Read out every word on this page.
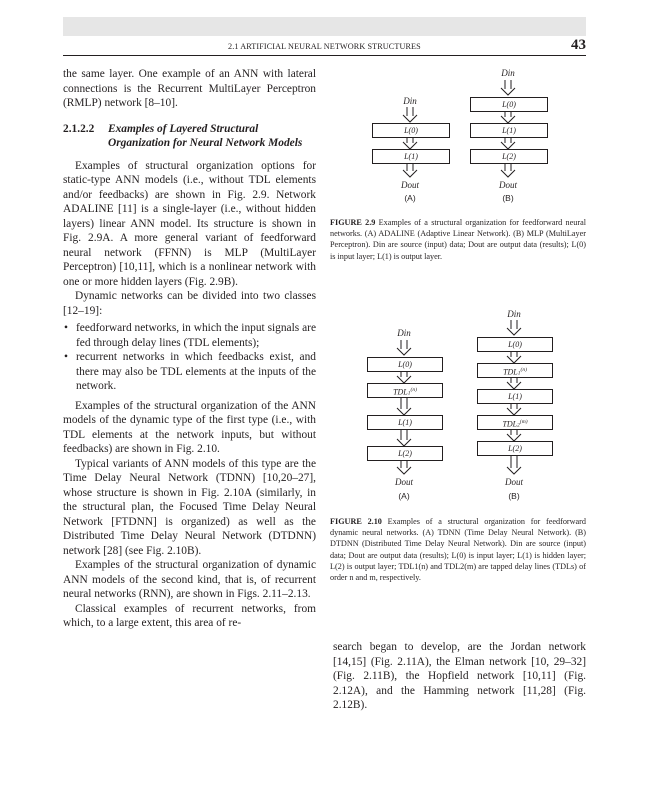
2.1 ARTIFICIAL NEURAL NETWORK STRUCTURES	43

the same layer. One example of an ANN with lateral connections is the Recurrent MultiLayer Perceptron (RMLP) network [8–10].

2.1.2.2 Examples of Layered Structural Organization for Neural Network Models

Examples of structural organization options for static-type ANN models (i.e., without TDL elements and/or feedbacks) are shown in Fig. 2.9. Network ADALINE [11] is a single-layer (i.e., without hidden layers) linear ANN model. Its structure is shown in Fig. 2.9A. A more general variant of feedforward neural network (FFNN) is MLP (MultiLayer Perceptron) [10,11], which is a nonlinear network with one or more hidden layers (Fig. 2.9B).

Dynamic networks can be divided into two classes [12–19]:

• feedforward networks, in which the input signals are fed through delay lines (TDL elements);
• recurrent networks in which feedbacks exist, and there may also be TDL elements at the inputs of the network.

Examples of the structural organization of the ANN models of the dynamic type of the first type (i.e., with TDL elements at the network inputs, but without feedbacks) are shown in Fig. 2.10.

Typical variants of ANN models of this type are the Time Delay Neural Network (TDNN) [10,20–27], whose structure is shown in Fig. 2.10A (similarly, in the structural plan, the Focused Time Delay Neural Network [FTDNN] is organized) as well as the Distributed Time Delay Neural Network (DTDNN) network [28] (see Fig. 2.10B).

Examples of the structural organization of dynamic ANN models of the second kind, that is, of recurrent neural networks (RNN), are shown in Figs. 2.11–2.13.

Classical examples of recurrent networks, from which, to a large extent, this area of re-

Din
L(0)
L(1)
Dout
(A)
Din
L(0)
L(1)
L(2)
Dout
(B)
FIGURE 2.9 Examples of a structural organization for feedforward neural networks. (A) ADALINE (Adaptive Linear Network). (B) MLP (MultiLayer Perceptron). Din are source (input) data; Dout are output data (results); L(0) is input layer; L(1) is output layer.
Din
L(0)
TDL1$^{(n)}$
L(1)
L(2)
Dout
(A)
Din
L(0)
TDL1$^{(n)}$
L(1)
TDL2$^{(m)}$
L(2)
Dout
(B)
FIGURE 2.10 Examples of a structural organization for feedforward dynamic neural networks. (A) TDNN (Time Delay Neural Network). (B) DTDNN (Distributed Time Delay Neural Network). Din are source (input) data; Dout are output data (results); L(0) is input layer; L(1) is hidden layer; L(2) is output layer; TDL1(n) and TDL2(m) are tapped delay lines (TDLs) of order n and m, respectively.

search began to develop, are the Jordan network [14,15] (Fig. 2.11A), the Elman network [10, 29–32] (Fig. 2.11B), the Hopfield network [10,11] (Fig. 2.12A), and the Hamming network [11,28] (Fig. 2.12B).
